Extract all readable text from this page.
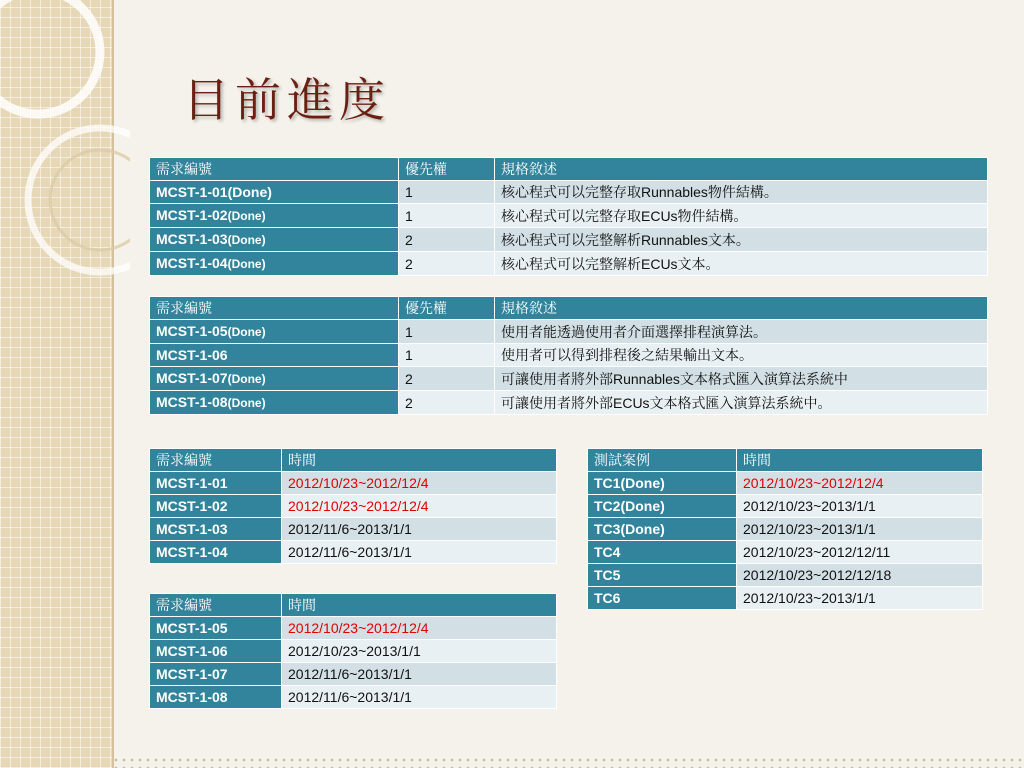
目前進度
需求編號	優先權	規格敘述
MCST-1-01(Done)	1	核心程式可以完整存取Runnables物件結構。
MCST-1-02(Done)	1	核心程式可以完整存取ECUs物件結構。
MCST-1-03(Done)	2	核心程式可以完整解析Runnables文本。
MCST-1-04(Done)	2	核心程式可以完整解析ECUs文本。
需求編號	優先權	規格敘述
MCST-1-05(Done)	1	使用者能透過使用者介面選擇排程演算法。
MCST-1-06	1	使用者可以得到排程後之結果輸出文本。
MCST-1-07(Done)	2	可讓使用者將外部Runnables文本格式匯入演算法系統中
MCST-1-08(Done)	2	可讓使用者將外部ECUs文本格式匯入演算法系統中。
需求編號	時間
MCST-1-01	2012/10/23~2012/12/4
MCST-1-02	2012/10/23~2012/12/4
MCST-1-03	2012/11/6~2013/1/1
MCST-1-04	2012/11/6~2013/1/1
需求編號	時間
MCST-1-05	2012/10/23~2012/12/4
MCST-1-06	2012/10/23~2013/1/1
MCST-1-07	2012/11/6~2013/1/1
MCST-1-08	2012/11/6~2013/1/1
測試案例	時間
TC1(Done)	2012/10/23~2012/12/4
TC2(Done)	2012/10/23~2013/1/1
TC3(Done)	2012/10/23~2013/1/1
TC4	2012/10/23~2012/12/11
TC5	2012/10/23~2012/12/18
TC6	2012/10/23~2013/1/1
